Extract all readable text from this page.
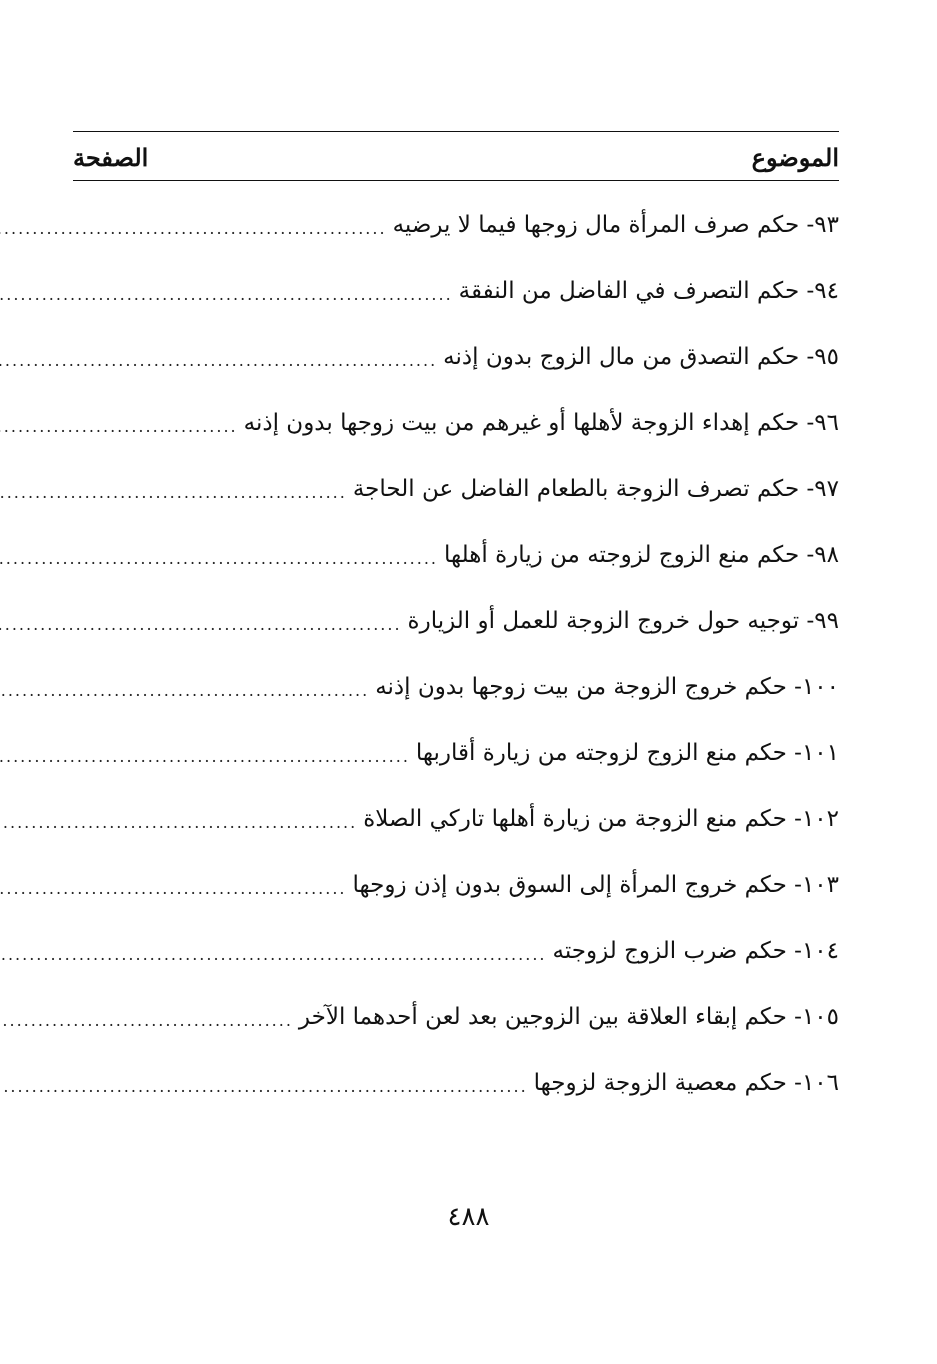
الموضوع
الصفحة
٩٣- حكم صرف المرأة مال زوجها فيما لا يرضيه
.....
٩٤- حكم التصرف في الفاضل من النفقة
.....
٩٥- حكم التصدق من مال الزوج بدون إذنه
.....
٩٦- حكم إهداء الزوجة لأهلها أو غيرهم من بيت زوجها بدون إذنه
.....
٩٧- حكم تصرف الزوجة بالطعام الفاضل عن الحاجة
.....
٩٨- حكم منع الزوج لزوجته من زيارة أهلها
.....
٩٩- توجيه حول خروج الزوجة للعمل أو الزيارة
.....
١٠٠- حكم خروج الزوجة من بيت زوجها بدون إذنه
.....
١٠١- حكم منع الزوج لزوجته من زيارة أقاربها
.....
١٠٢- حكم منع الزوجة من زيارة أهلها تاركي الصلاة
.....
١٠٣- حكم خروج المرأة إلى السوق بدون إذن زوجها
.....
١٠٤- حكم ضرب الزوج لزوجته
.....
١٠٥- حكم إبقاء العلاقة بين الزوجين بعد لعن أحدهما الآخر
.....
١٠٦- حكم معصية الزوجة لزوجها
.....
٤٨٨
